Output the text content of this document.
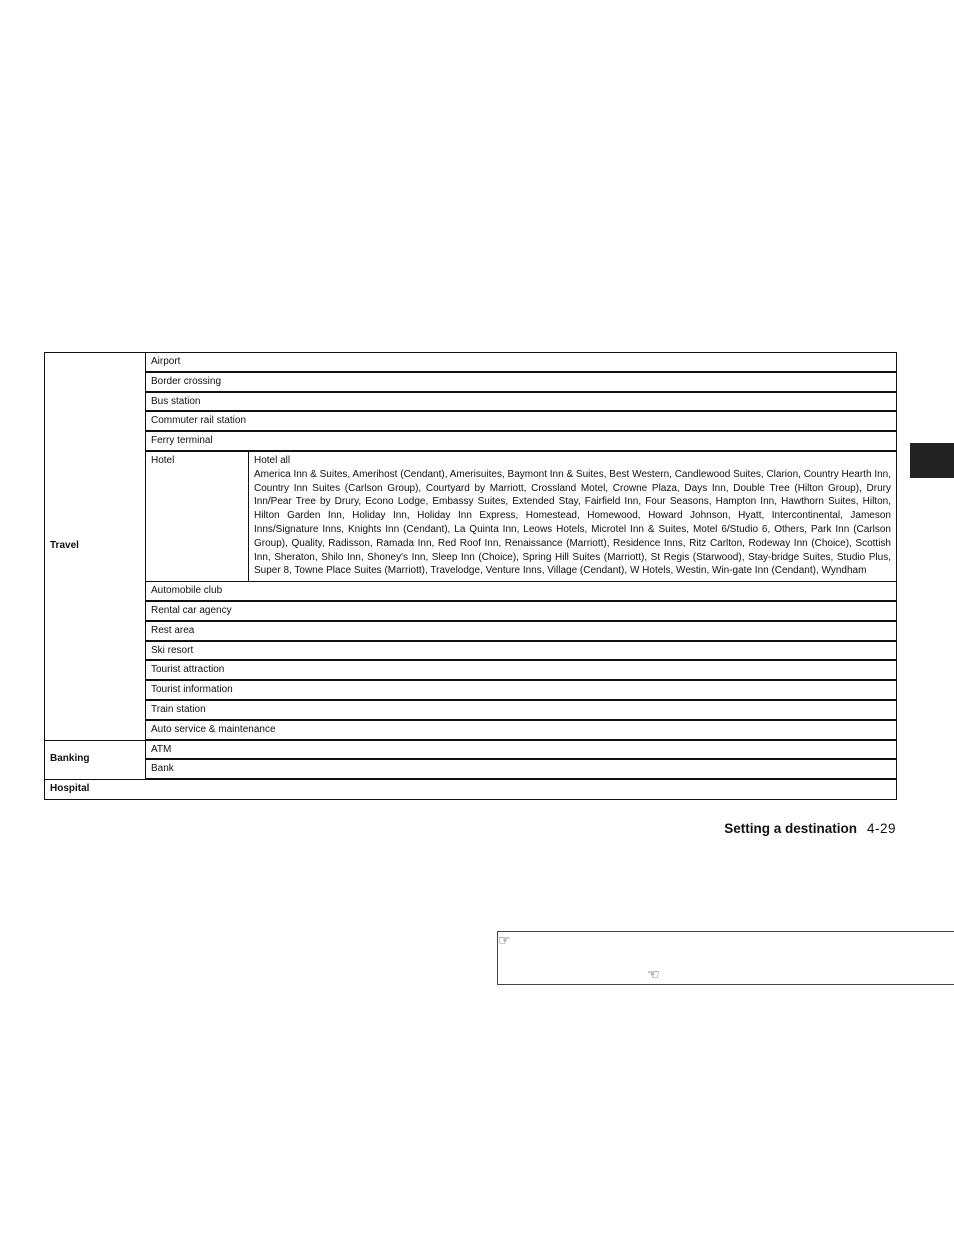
Travel	Airport	
	Border crossing	
	Bus station	
	Commuter rail station	
	Ferry terminal	
	Hotel	Hotel all
America Inn & Suites, Amerihost (Cendant), Amerisuites, Baymont Inn & Suites, Best Western, Candlewood Suites, Clarion, Country Hearth Inn, Country Inn Suites (Carlson Group), Courtyard by Marriott, Crossland Motel, Crowne Plaza, Days Inn, Double Tree (Hilton Group), Drury Inn/Pear Tree by Drury, Econo Lodge, Embassy Suites, Extended Stay, Fairfield Inn, Four Seasons, Hampton Inn, Hawthorn Suites, Hilton, Hilton Garden Inn, Holiday Inn, Holiday Inn Express, Homestead, Homewood, Howard Johnson, Hyatt, Intercontinental, Jameson Inns/Signature Inns, Knights Inn (Cendant), La Quinta Inn, Leows Hotels, Microtel Inn & Suites, Motel 6/Studio 6, Others, Park Inn (Carlson Group), Quality, Radisson, Ramada Inn, Red Roof Inn, Renaissance (Marriott), Residence Inns, Ritz Carlton, Rodeway Inn (Choice), Scottish Inn, Sheraton, Shilo Inn, Shoney's Inn, Sleep Inn (Choice), Spring Hill Suites (Marriott), St Regis (Starwood), Stay-bridge Suites, Studio Plus, Super 8, Towne Place Suites (Marriott), Travelodge, Venture Inns, Village (Cendant), W Hotels, Westin, Win-gate Inn (Cendant), Wyndham

	Automobile club	
	Rental car agency	
	Rest area	
	Ski resort	
	Tourist attraction	
	Tourist information	
	Train station	
	Auto service & maintenance	
Banking	ATM	
	Bank	
Hospital		
Setting a destination 4-29
☞
☜
